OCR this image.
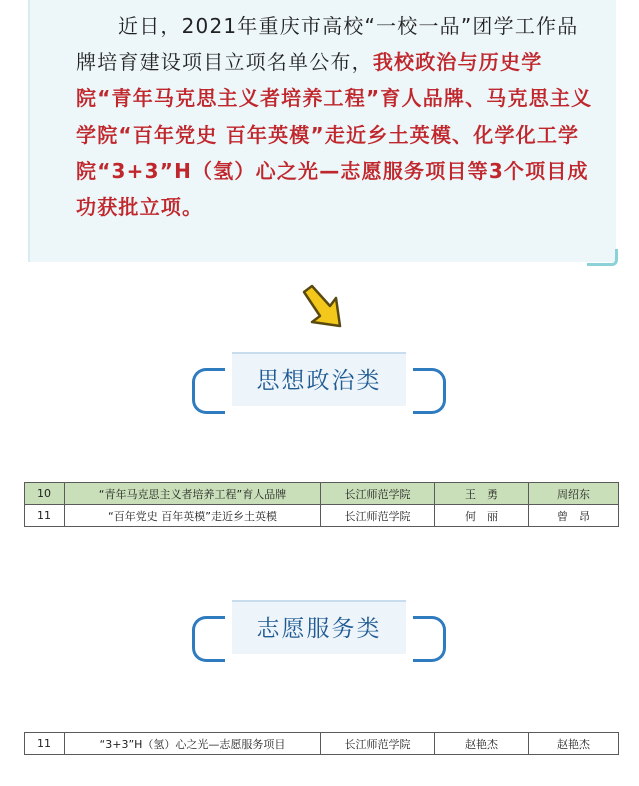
近日，2021年重庆市高校“一校一品”团学工作品牌培育建设项目立项名单公布，我校政治与历史学院“青年马克思主义者培养工程”育人品牌、马克思主义学院“百年党史 百年英模”走近乡土英模、化学化工学院“3+3”H（氢）心之光—志愿服务项目等3个项目成功获批立项。

思想政治类
10	“青年马克思主义者培养工程”育人品牌	长江师范学院	王　勇	周绍东
11	“百年党史 百年英模”走近乡土英模	长江师范学院	何　丽	曾　昂
志愿服务类
11	“3+3”H（氢）心之光—志愿服务项目	长江师范学院	赵艳杰	赵艳杰
